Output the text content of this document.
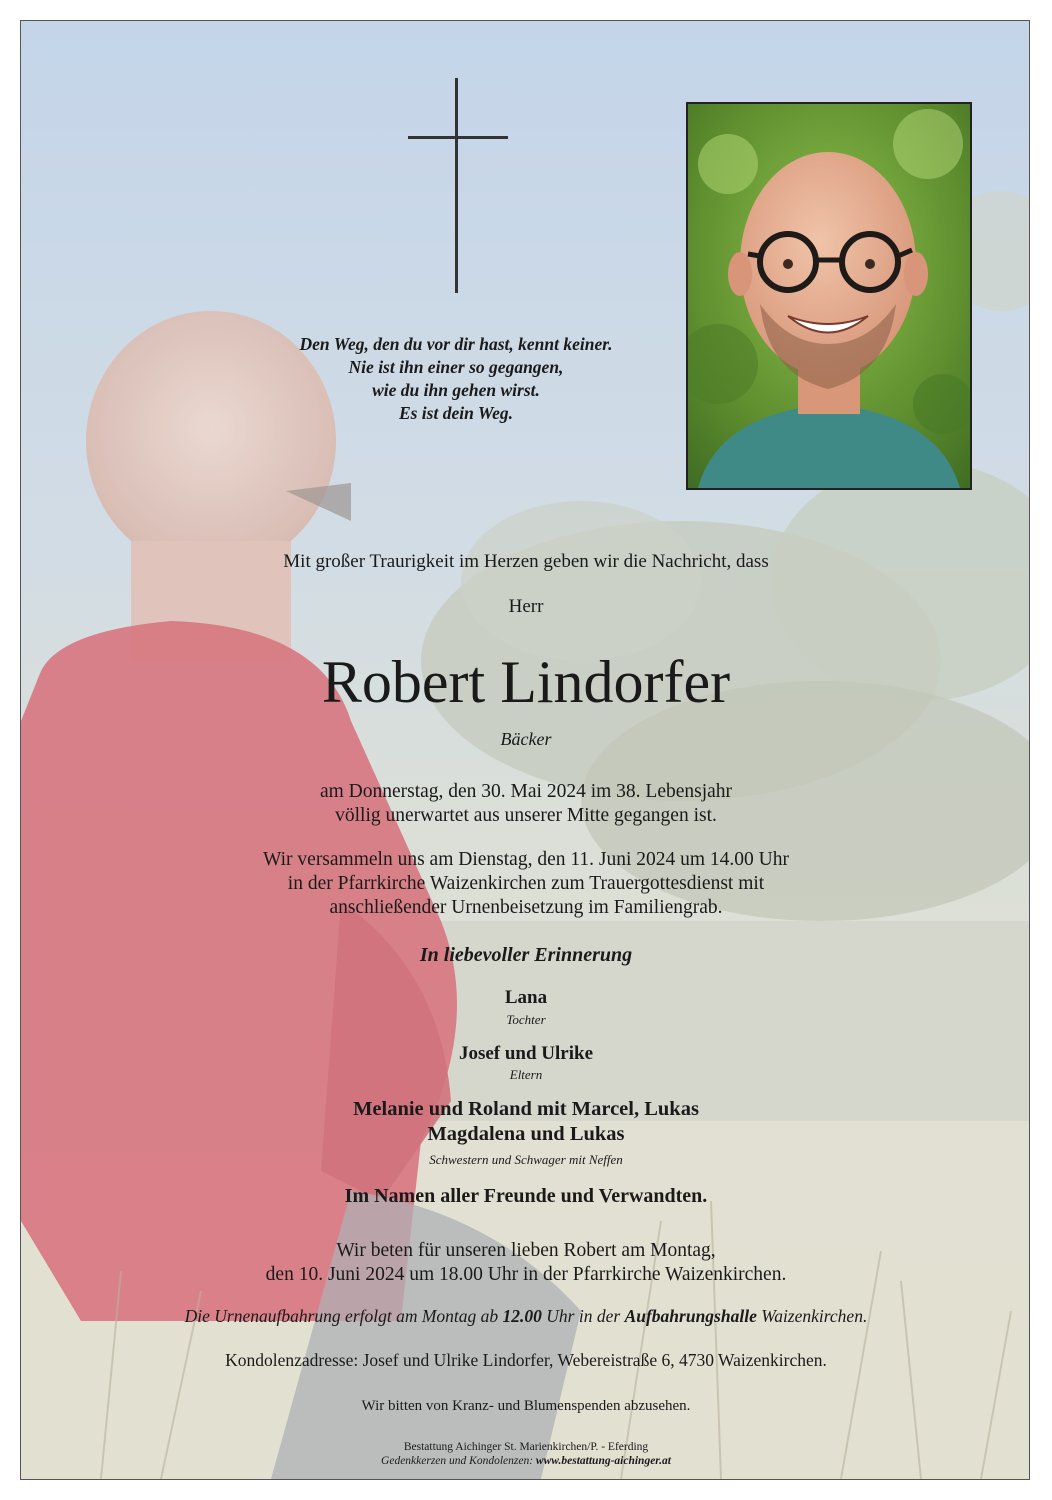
Den Weg, den du vor dir hast, kennt keiner.
Nie ist ihn einer so gegangen,
wie du ihn gehen wirst.
Es ist dein Weg.
Mit großer Traurigkeit im Herzen geben wir die Nachricht, dass
Herr
Robert Lindorfer
Bäcker
am Donnerstag, den 30. Mai 2024 im 38. Lebensjahr
völlig unerwartet aus unserer Mitte gegangen ist.
Wir versammeln uns am Dienstag, den 11. Juni 2024 um 14.00 Uhr
in der Pfarrkirche Waizenkirchen zum Trauergottesdienst mit
anschließender Urnenbeisetzung im Familiengrab.
In liebevoller Erinnerung
Lana
Tochter
Josef und Ulrike
Eltern
Melanie und Roland mit Marcel, Lukas
Magdalena und Lukas
Schwestern und Schwager mit Neffen
Im Namen aller Freunde und Verwandten.
Wir beten für unseren lieben Robert am Montag,
den 10. Juni 2024 um 18.00 Uhr in der Pfarrkirche Waizenkirchen.
Die Urnenaufbahrung erfolgt am Montag ab 12.00 Uhr in der Aufbahrungshalle Waizenkirchen.
Kondolenzadresse: Josef und Ulrike Lindorfer, Webereistraße 6, 4730 Waizenkirchen.
Wir bitten von Kranz- und Blumenspenden abzusehen.
Bestattung Aichinger St. Marienkirchen/P. - Eferding
Gedenkkerzen und Kondolenzen: www.bestattung-aichinger.at
